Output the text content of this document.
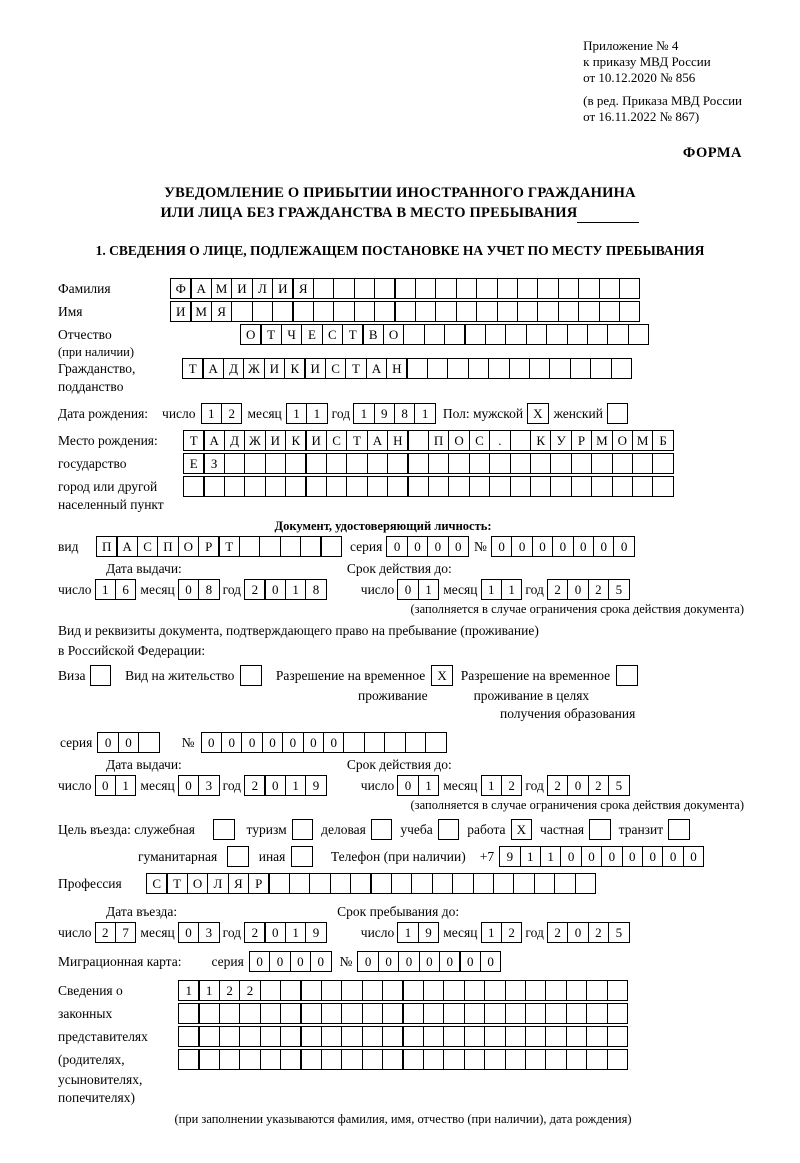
Приложение № 4
к приказу МВД России
от 10.12.2020 № 856
(в ред. Приказа МВД России
от 16.11.2022 № 867)
ФОРМА
УВЕДОМЛЕНИЕ О ПРИБЫТИИ ИНОСТРАННОГО ГРАЖДАНИНА
ИЛИ ЛИЦА БЕЗ ГРАЖДАНСТВА В МЕСТО ПРЕБЫВАНИЯ
1. СВЕДЕНИЯ О ЛИЦЕ, ПОДЛЕЖАЩЕМ ПОСТАНОВКЕ НА УЧЕТ ПО МЕСТУ ПРЕБЫВАНИЯ
Фамилия	Ф А М И Л И Я
Имя	И М Я
Отчество	О Т Ч Е С Т В О
(при наличии)
Гражданство,	Т А Д Ж И К И С Т А Н
подданство
Дата рождения: число 1	2 месяц 1	1 год 1	9	8	1	Пол: мужской X женский
Место рождения:	Т А Д Ж И К И С Т А Н	П О С	.	К У Р М О М Б
государство	Е	З
город или другой
населенный пункт
Документ, удостоверяющий личность:
вид	П А С П О Р Т	серия 0	0	0	0 № 0	0	0	0	0	0	0
Дата выдачи:	Срок действия до:
число 1	6 месяц 0	8 год 2	0	1	8	число 0	1 месяц 1	1 год 2	0	2	5
(заполняется в случае ограничения срока действия документа)
Вид и реквизиты документа, подтверждающего право на пребывание (проживание)
в Российской Федерации:
Виза	Вид на жительство	Разрешение на временное X	Разрешение на временное
проживание	проживание в целях
получения образования
серия 0	0	№	0	0	0	0	0	0	0
Дата выдачи:	Срок действия до:
число 0	1 месяц 0	3 год 2	0	1	9	число 0	1 месяц 1	2 год 2	0	2	5
(заполняется в случае ограничения срока действия документа)
Цель въезда: служебная	туризм	деловая	учеба	работа X	частная	транзит
гуманитарная	иная	Телефон (при наличии) +7 9	1	1	0	0	0	0	0	0	0
Профессия	С Т О Л Я Р
Дата въезда:	Срок пребывания до:
число 2	7 месяц 0	3 год 2	0	1	9	число 1	9 месяц 1	2 год 2	0	2	5
Миграционная карта: серия 0	0	0	0	№ 0	0	0	0	0	0	0
Сведения о	1	1	2	2
законных
представителях
(родителях,
усыновителях,
попечителях)
(при заполнении указываются фамилия, имя, отчество (при наличии), дата рождения)
